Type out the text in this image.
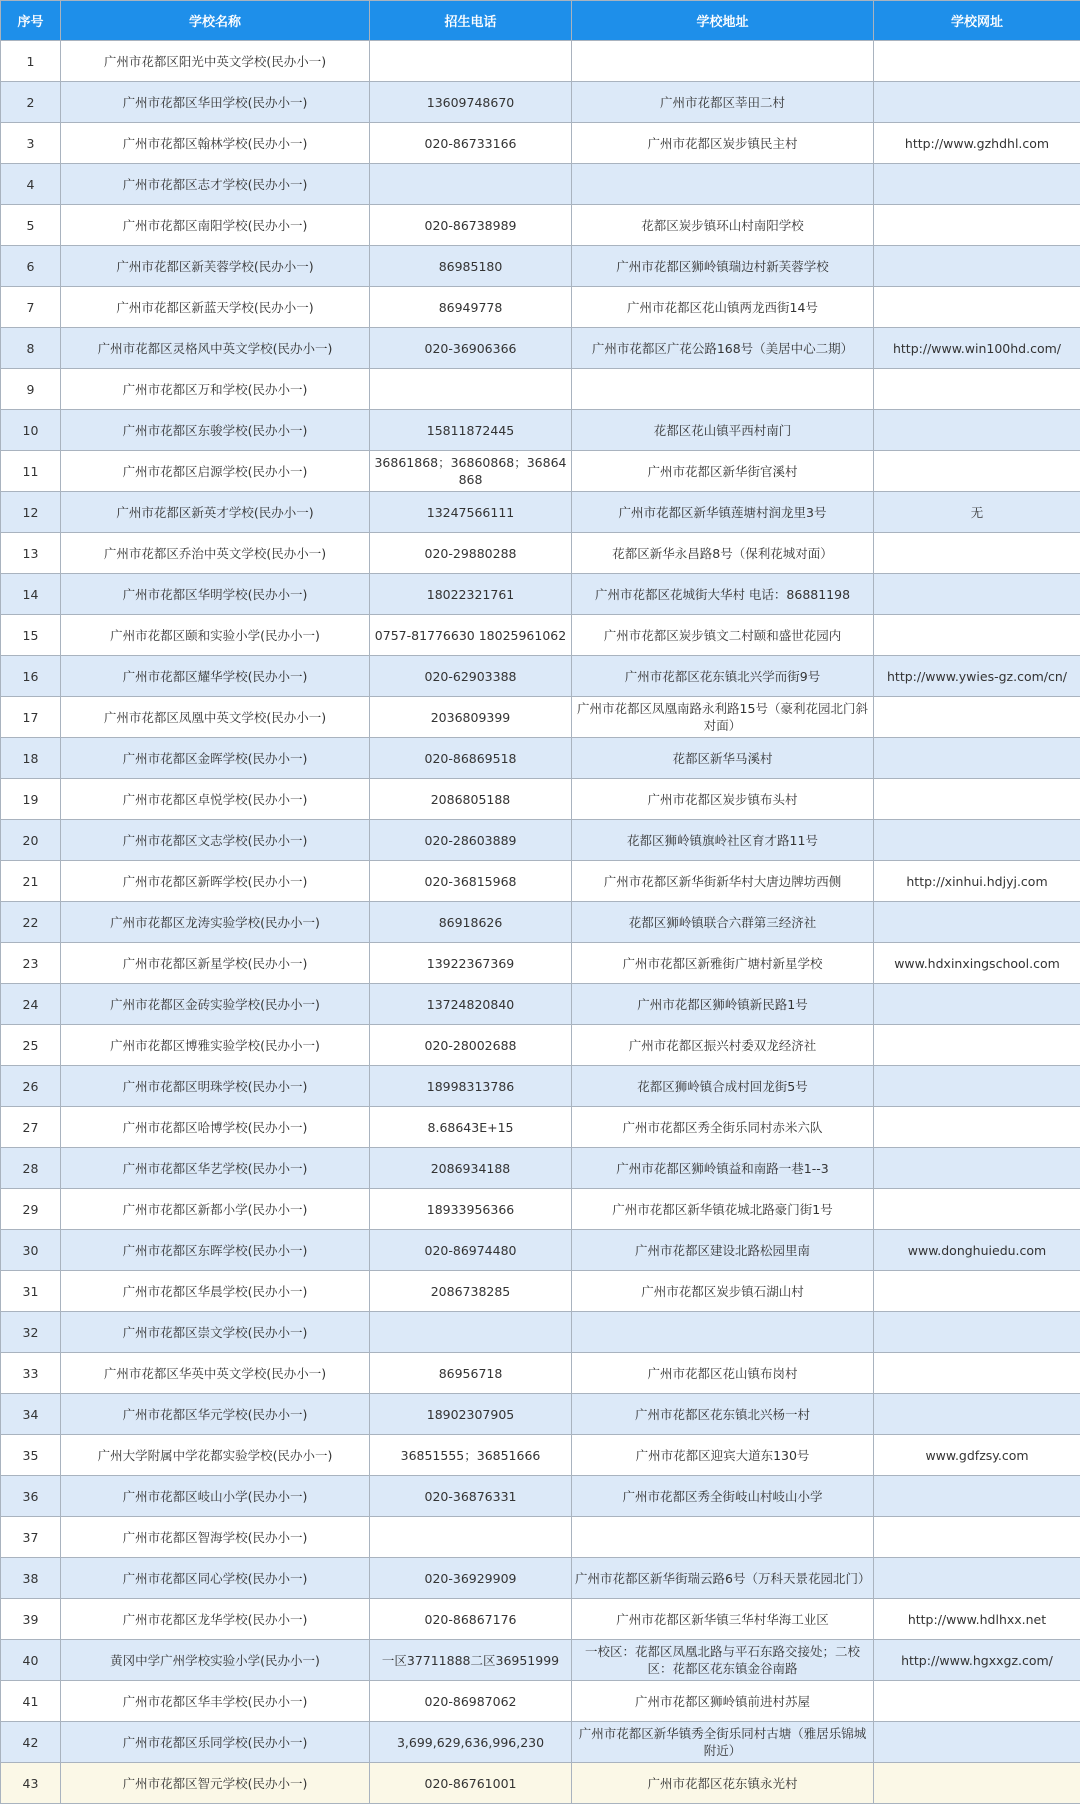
序号	学校名称	招生电话	学校地址	学校网址
1	广州市花都区阳光中英文学校(民办小一)			
2	广州市花都区华田学校(民办小一)	13609748670	广州市花都区莘田二村	
3	广州市花都区翰林学校(民办小一)	020-86733166	广州市花都区炭步镇民主村	http://www.gzhdhl.com
4	广州市花都区志才学校(民办小一)			
5	广州市花都区南阳学校(民办小一)	020-86738989	花都区炭步镇环山村南阳学校	
6	广州市花都区新芙蓉学校(民办小一)	86985180	广州市花都区狮岭镇瑞边村新芙蓉学校	
7	广州市花都区新蓝天学校(民办小一)	86949778	广州市花都区花山镇两龙西街14号	
8	广州市花都区灵格风中英文学校(民办小一)	020-36906366	广州市花都区广花公路168号（美居中心二期）	http://www.win100hd.com/
9	广州市花都区万和学校(民办小一)			
10	广州市花都区东骏学校(民办小一)	15811872445	花都区花山镇平西村南门	
11	广州市花都区启源学校(民办小一)	36861868；36860868；36864868	广州市花都区新华街官溪村	
12	广州市花都区新英才学校(民办小一)	13247566111	广州市花都区新华镇莲塘村润龙里3号	无
13	广州市花都区乔治中英文学校(民办小一)	020-29880288	花都区新华永昌路8号（保利花城对面）	
14	广州市花都区华明学校(民办小一)	18022321761	广州市花都区花城街大华村 电话：86881198	
15	广州市花都区颐和实验小学(民办小一)	0757-81776630 18025961062	广州市花都区炭步镇文二村颐和盛世花园内	
16	广州市花都区耀华学校(民办小一)	020-62903388	广州市花都区花东镇北兴学而街9号	http://www.ywies-gz.com/cn/
17	广州市花都区凤凰中英文学校(民办小一)	2036809399	广州市花都区凤凰南路永利路15号（豪利花园北门斜对面）	
18	广州市花都区金晖学校(民办小一)	020-86869518	花都区新华马溪村	
19	广州市花都区卓悦学校(民办小一)	2086805188	广州市花都区炭步镇布头村	
20	广州市花都区文志学校(民办小一)	020-28603889	花都区狮岭镇旗岭社区育才路11号	
21	广州市花都区新晖学校(民办小一)	020-36815968	广州市花都区新华街新华村大唐边牌坊西侧	http://xinhui.hdjyj.com
22	广州市花都区龙涛实验学校(民办小一)	86918626	花都区狮岭镇联合六群第三经济社	
23	广州市花都区新星学校(民办小一)	13922367369	广州市花都区新雅街广塘村新星学校	www.hdxinxingschool.com
24	广州市花都区金砖实验学校(民办小一)	13724820840	广州市花都区狮岭镇新民路1号	
25	广州市花都区博雅实验学校(民办小一)	020-28002688	广州市花都区振兴村委双龙经济社	
26	广州市花都区明珠学校(民办小一)	18998313786	花都区狮岭镇合成村回龙街5号	
27	广州市花都区哈博学校(民办小一)	8.68643E+15	广州市花都区秀全街乐同村赤米六队	
28	广州市花都区华艺学校(民办小一)	2086934188	广州市花都区狮岭镇益和南路一巷1--3	
29	广州市花都区新都小学(民办小一)	18933956366	广州市花都区新华镇花城北路豪门街1号	
30	广州市花都区东晖学校(民办小一)	020-86974480	广州市花都区建设北路松园里南	www.donghuiedu.com
31	广州市花都区华晨学校(民办小一)	2086738285	广州市花都区炭步镇石湖山村	
32	广州市花都区崇文学校(民办小一)			
33	广州市花都区华英中英文学校(民办小一)	86956718	广州市花都区花山镇布岗村	
34	广州市花都区华元学校(民办小一)	18902307905	广州市花都区花东镇北兴杨一村	
35	广州大学附属中学花都实验学校(民办小一)	36851555；36851666	广州市花都区迎宾大道东130号	www.gdfzsy.com
36	广州市花都区岐山小学(民办小一)	020-36876331	广州市花都区秀全街岐山村岐山小学	
37	广州市花都区智海学校(民办小一)			
38	广州市花都区同心学校(民办小一)	020-36929909	广州市花都区新华街瑞云路6号（万科天景花园北门）	
39	广州市花都区龙华学校(民办小一)	020-86867176	广州市花都区新华镇三华村华海工业区	http://www.hdlhxx.net
40	黄冈中学广州学校实验小学(民办小一)	一区37711888二区36951999	一校区：花都区凤凰北路与平石东路交接处；二校区：花都区花东镇金谷南路	http://www.hgxxgz.com/
41	广州市花都区华丰学校(民办小一)	020-86987062	广州市花都区狮岭镇前进村苏屋	
42	广州市花都区乐同学校(民办小一)	3,699,629,636,996,230	广州市花都区新华镇秀全街乐同村古塘（雅居乐锦城附近）	
43	广州市花都区智元学校(民办小一)	020-86761001	广州市花都区花东镇永光村	
